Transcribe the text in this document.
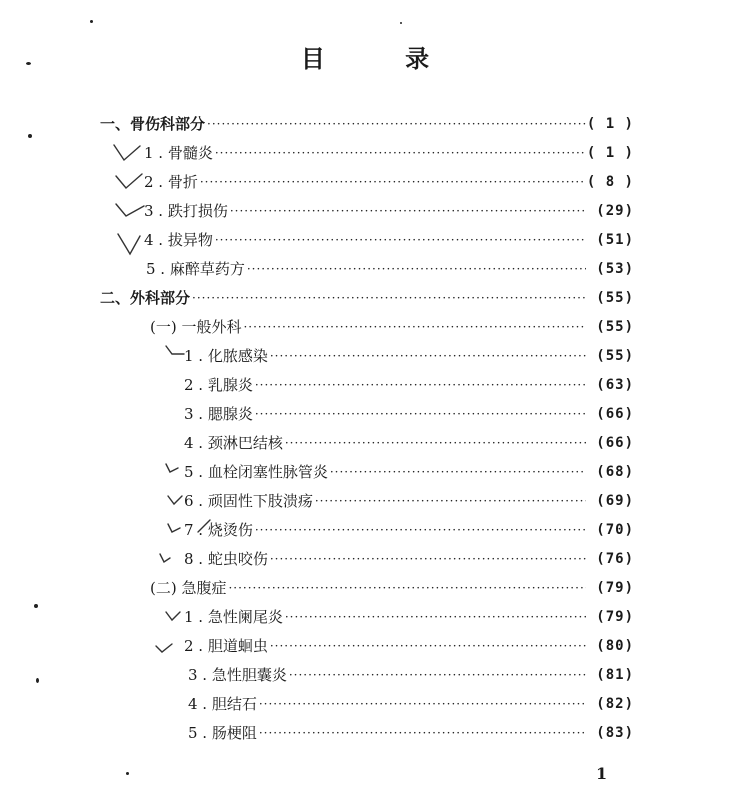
目 录
一、骨伤科部分 ·····	( 1 )
1 . 骨髓炎 ·····	( 1 )
2 . 骨折 ·····	( 8 )
3 . 跌打损伤 ·····	(29)
4 . 拔异物 ·····	(51)
5 . 麻醉草药方 ·····	(53)
二、外科部分 ·····	(55)
(一) 一般外科 ·····	(55)
1 . 化脓感染 ·····	(55)
2 . 乳腺炎 ·····	(63)
3 . 腮腺炎 ·····	(66)
4 . 颈淋巴结核 ·····	(66)
5 . 血栓闭塞性脉管炎 ·····	(68)
6 . 顽固性下肢溃疡 ·····	(69)
7 . 烧烫伤 ·····	(70)
8 . 蛇虫咬伤 ·····	(76)
(二) 急腹症 ·····	(79)
1 . 急性阑尾炎 ·····	(79)
2 . 胆道蛔虫 ·····	(80)
3 . 急性胆囊炎 ·····	(81)
4 . 胆结石 ·····	(82)
5 . 肠梗阻 ·····	(83)
1
